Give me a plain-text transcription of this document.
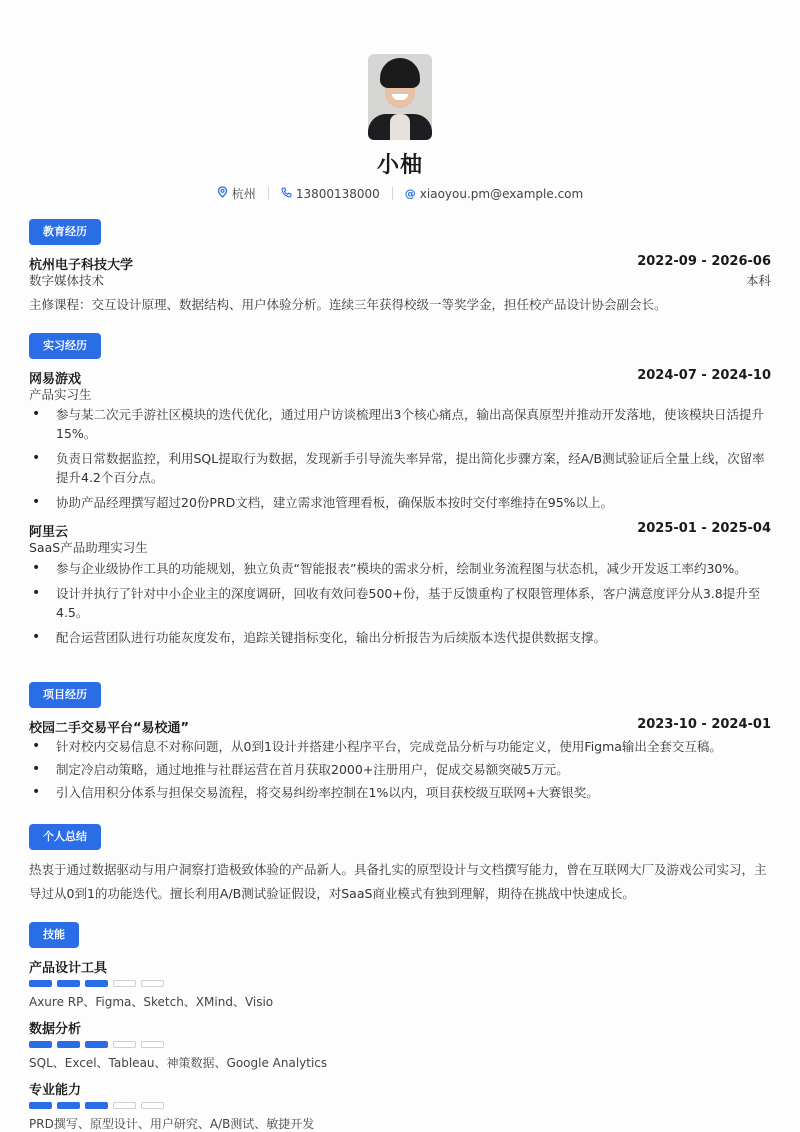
小柚
杭州	13800138000 @ xiaoyou.pm@example.com
教育经历
杭州电子科技大学	2022-09 - 2026-06
数字媒体技术	本科
主修课程：交互设计原理、数据结构、用户体验分析。连续三年获得校级一等奖学金，担任校产品设计协会副会长。
实习经历
网易游戏	2024-07 - 2024-10
产品实习生
• 参与某二次元手游社区模块的迭代优化，通过用户访谈梳理出3个核心痛点，输出高保真原型并推动开发落地，使该模块日活提升15%。
• 负责日常数据监控，利用SQL提取行为数据，发现新手引导流失率异常，提出简化步骤方案，经A/B测试验证后全量上线，次留率提升4.2个百分点。
• 协助产品经理撰写超过20份PRD文档，建立需求池管理看板，确保版本按时交付率维持在95%以上。
阿里云	2025-01 - 2025-04
SaaS产品助理实习生
• 参与企业级协作工具的功能规划，独立负责“智能报表”模块的需求分析，绘制业务流程图与状态机，减少开发返工率约30%。
• 设计并执行了针对中小企业主的深度调研，回收有效问卷500+份，基于反馈重构了权限管理体系，客户满意度评分从3.8提升至4.5。
• 配合运营团队进行功能灰度发布，追踪关键指标变化，输出分析报告为后续版本迭代提供数据支撑。
项目经历
校园二手交易平台“易校通”	2023-10 - 2024-01
• 针对校内交易信息不对称问题，从0到1设计并搭建小程序平台，完成竞品分析与功能定义，使用Figma输出全套交互稿。
• 制定冷启动策略，通过地推与社群运营在首月获取2000+注册用户，促成交易额突破5万元。
• 引入信用积分体系与担保交易流程，将交易纠纷率控制在1%以内，项目获校级互联网+大赛银奖。
个人总结
热衷于通过数据驱动与用户洞察打造极致体验的产品新人。具备扎实的原型设计与文档撰写能力，曾在互联网大厂及游戏公司实习，主导过从0到1的功能迭代。擅长利用A/B测试验证假设，对SaaS商业模式有独到理解，期待在挑战中快速成长。
技能
产品设计工具
Axure RP、Figma、Sketch、XMind、Visio
数据分析
SQL、Excel、Tableau、神策数据、Google Analytics
专业能力
PRD撰写、原型设计、用户研究、A/B测试、敏捷开发
